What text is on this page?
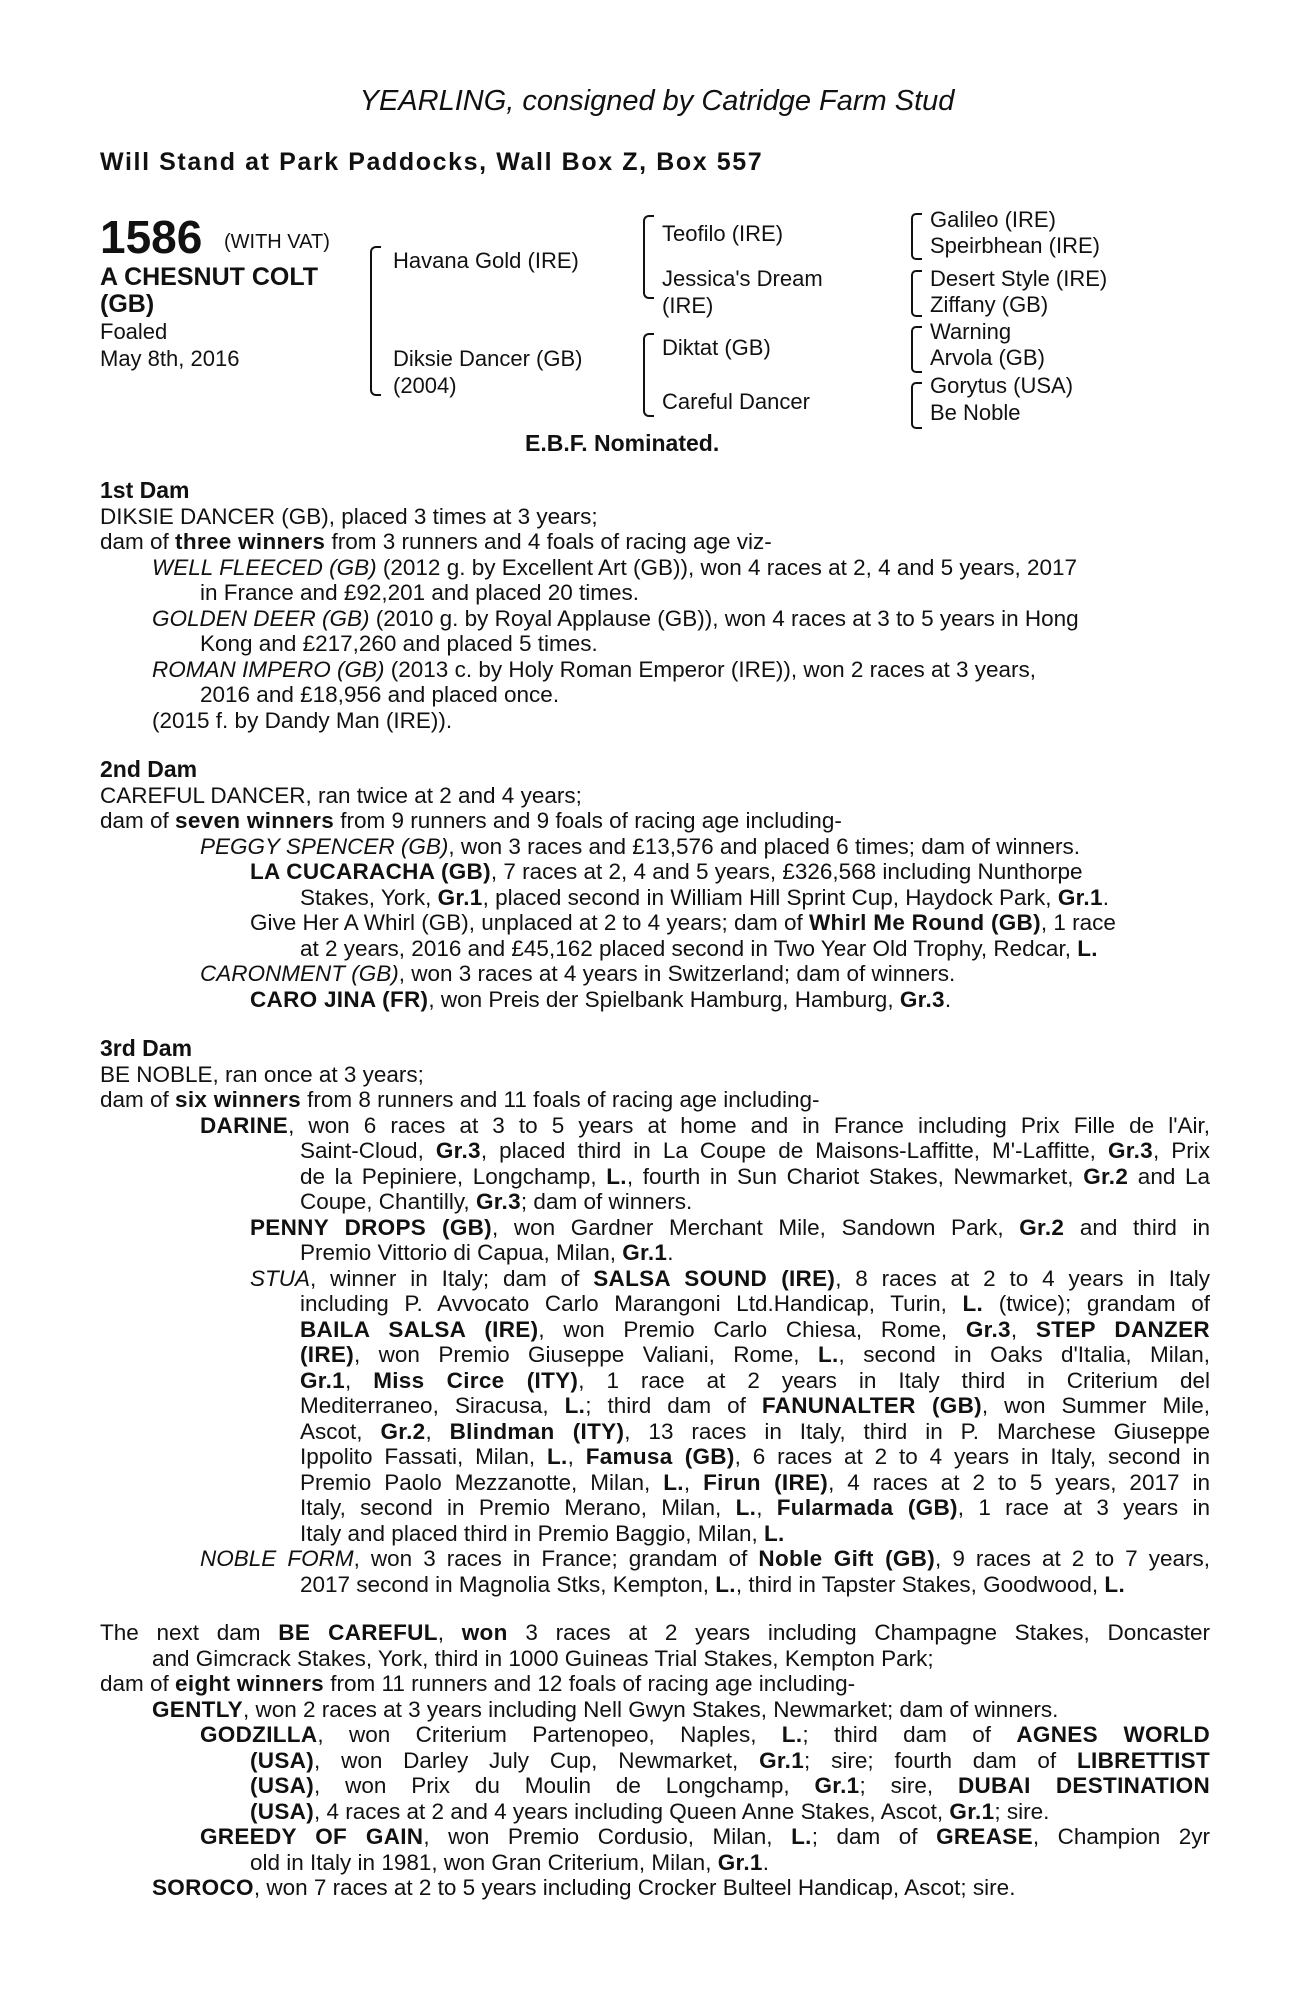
YEARLING, consigned by Catridge Farm Stud
Will Stand at Park Paddocks, Wall Box Z, Box 557
1586 (WITH VAT)
A CHESNUT COLT
(GB)
Foaled
May 8th, 2016
Havana Gold (IRE)
Diksie Dancer (GB)
(2004)
Teofilo (IRE)
Jessica's Dream
(IRE)
Diktat (GB)
Careful Dancer
Galileo (IRE)
Speirbhean (IRE)
Desert Style (IRE)
Ziffany (GB)
Warning
Arvola (GB)
Gorytus (USA)
Be Noble
E.B.F. Nominated.
1st Dam
DIKSIE DANCER (GB), placed 3 times at 3 years;
dam of three winners from 3 runners and 4 foals of racing age viz-
WELL FLEECED (GB) (2012 g. by Excellent Art (GB)), won 4 races at 2, 4 and 5 years, 2017
in France and £92,201 and placed 20 times.
GOLDEN DEER (GB) (2010 g. by Royal Applause (GB)), won 4 races at 3 to 5 years in Hong
Kong and £217,260 and placed 5 times.
ROMAN IMPERO (GB) (2013 c. by Holy Roman Emperor (IRE)), won 2 races at 3 years,
2016 and £18,956 and placed once.
(2015 f. by Dandy Man (IRE)).
2nd Dam
CAREFUL DANCER, ran twice at 2 and 4 years;
dam of seven winners from 9 runners and 9 foals of racing age including-
PEGGY SPENCER (GB), won 3 races and £13,576 and placed 6 times; dam of winners.
LA CUCARACHA (GB), 7 races at 2, 4 and 5 years, £326,568 including Nunthorpe
Stakes, York, Gr.1, placed second in William Hill Sprint Cup, Haydock Park, Gr.1.
Give Her A Whirl (GB), unplaced at 2 to 4 years; dam of Whirl Me Round (GB), 1 race
at 2 years, 2016 and £45,162 placed second in Two Year Old Trophy, Redcar, L.
CARONMENT (GB), won 3 races at 4 years in Switzerland; dam of winners.
CARO JINA (FR), won Preis der Spielbank Hamburg, Hamburg, Gr.3.
3rd Dam
BE NOBLE, ran once at 3 years;
dam of six winners from 8 runners and 11 foals of racing age including-
DARINE, won 6 races at 3 to 5 years at home and in France including Prix Fille de l'Air,
Saint-Cloud, Gr.3, placed third in La Coupe de Maisons-Laffitte, M'-Laffitte, Gr.3, Prix
de la Pepiniere, Longchamp, L., fourth in Sun Chariot Stakes, Newmarket, Gr.2 and La
Coupe, Chantilly, Gr.3; dam of winners.
PENNY DROPS (GB), won Gardner Merchant Mile, Sandown Park, Gr.2 and third in
Premio Vittorio di Capua, Milan, Gr.1.
STUA, winner in Italy; dam of SALSA SOUND (IRE), 8 races at 2 to 4 years in Italy
including P. Avvocato Carlo Marangoni Ltd.Handicap, Turin, L. (twice); grandam of
BAILA SALSA (IRE), won Premio Carlo Chiesa, Rome, Gr.3, STEP DANZER
(IRE), won Premio Giuseppe Valiani, Rome, L., second in Oaks d'Italia, Milan,
Gr.1, Miss Circe (ITY), 1 race at 2 years in Italy third in Criterium del
Mediterraneo, Siracusa, L.; third dam of FANUNALTER (GB), won Summer Mile,
Ascot, Gr.2, Blindman (ITY), 13 races in Italy, third in P. Marchese Giuseppe
Ippolito Fassati, Milan, L., Famusa (GB), 6 races at 2 to 4 years in Italy, second in
Premio Paolo Mezzanotte, Milan, L., Firun (IRE), 4 races at 2 to 5 years, 2017 in
Italy, second in Premio Merano, Milan, L., Fularmada (GB), 1 race at 3 years in
Italy and placed third in Premio Baggio, Milan, L.
NOBLE FORM, won 3 races in France; grandam of Noble Gift (GB), 9 races at 2 to 7 years,
2017 second in Magnolia Stks, Kempton, L., third in Tapster Stakes, Goodwood, L.
The next dam BE CAREFUL, won 3 races at 2 years including Champagne Stakes, Doncaster
and Gimcrack Stakes, York, third in 1000 Guineas Trial Stakes, Kempton Park;
dam of eight winners from 11 runners and 12 foals of racing age including-
GENTLY, won 2 races at 3 years including Nell Gwyn Stakes, Newmarket; dam of winners.
GODZILLA, won Criterium Partenopeo, Naples, L.; third dam of AGNES WORLD
(USA), won Darley July Cup, Newmarket, Gr.1; sire; fourth dam of LIBRETTIST
(USA), won Prix du Moulin de Longchamp, Gr.1; sire, DUBAI DESTINATION
(USA), 4 races at 2 and 4 years including Queen Anne Stakes, Ascot, Gr.1; sire.
GREEDY OF GAIN, won Premio Cordusio, Milan, L.; dam of GREASE, Champion 2yr
old in Italy in 1981, won Gran Criterium, Milan, Gr.1.
SOROCO, won 7 races at 2 to 5 years including Crocker Bulteel Handicap, Ascot; sire.
